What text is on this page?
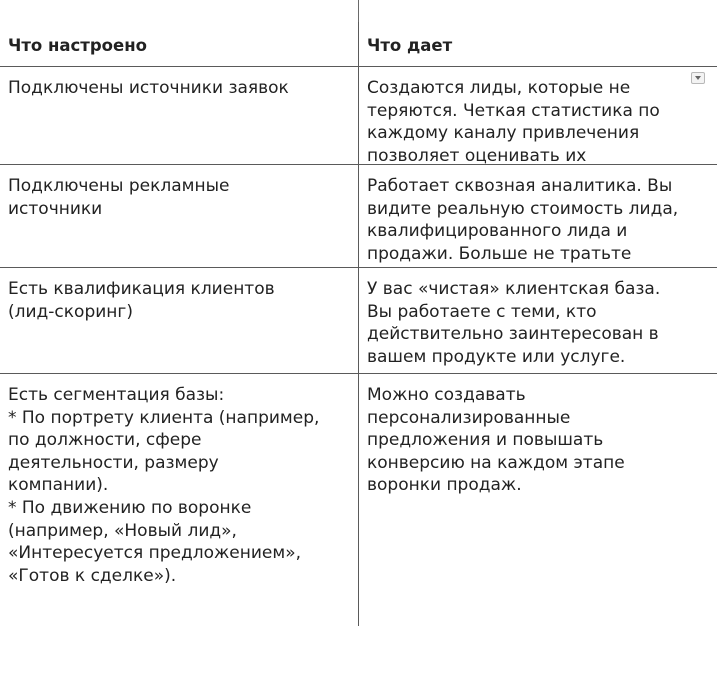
Что настроено	Что дает
Подключены источники заявок	Создаются лиды, которые не
теряются. Четкая статистика по
каждому каналу привлечения
позволяет оценивать их

Подключены рекламные
источники
Работает сквозная аналитика. Вы
видите реальную стоимость лида,
квалифицированного лида и
продажи. Больше не тратьте

Есть квалификация клиентов
(лид-скоринг)
У вас «чистая» клиентская база.
Вы работаете с теми, кто
действительно заинтересован в
вашем продукте или услуге.
Есть сегментация базы:
* По портрету клиента (например,
по должности, сфере
деятельности, размеру
компании).
* По движению по воронке
(например, «Новый лид»,
«Интересуется предложением»,
«Готов к сделке»).
Можно создавать
персонализированные
предложения и повышать
конверсию на каждом этапе
воронки продаж.
